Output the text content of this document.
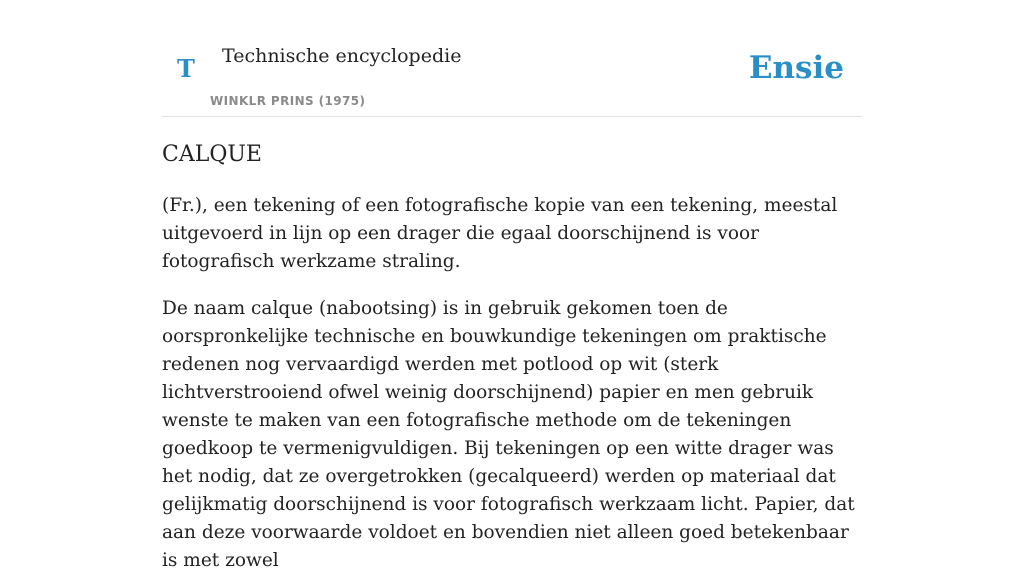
T Technische encyclopedie
WINKLR PRINS (1975)
Ensie
CALQUE

(Fr.), een tekening of een fotografische kopie van een tekening, meestal uitgevoerd in lijn op een drager die egaal doorschijnend is voor fotografisch werkzame straling.

De naam calque (nabootsing) is in gebruik gekomen toen de oorspronkelijke technische en bouwkundige tekeningen om praktische redenen nog vervaardigd werden met potlood op wit (sterk lichtverstrooiend ofwel weinig doorschijnend) papier en men gebruik wenste te maken van een fotografische methode om de tekeningen goedkoop te vermenigvuldigen. Bij tekeningen op een witte drager was het nodig, dat ze overgetrokken (gecalqueerd) werden op materiaal dat gelijkmatig doorschijnend is voor fotografisch werkzaam licht. Papier, dat aan deze voorwaarde voldoet en bovendien niet alleen goed betekenbaar is met zowel
